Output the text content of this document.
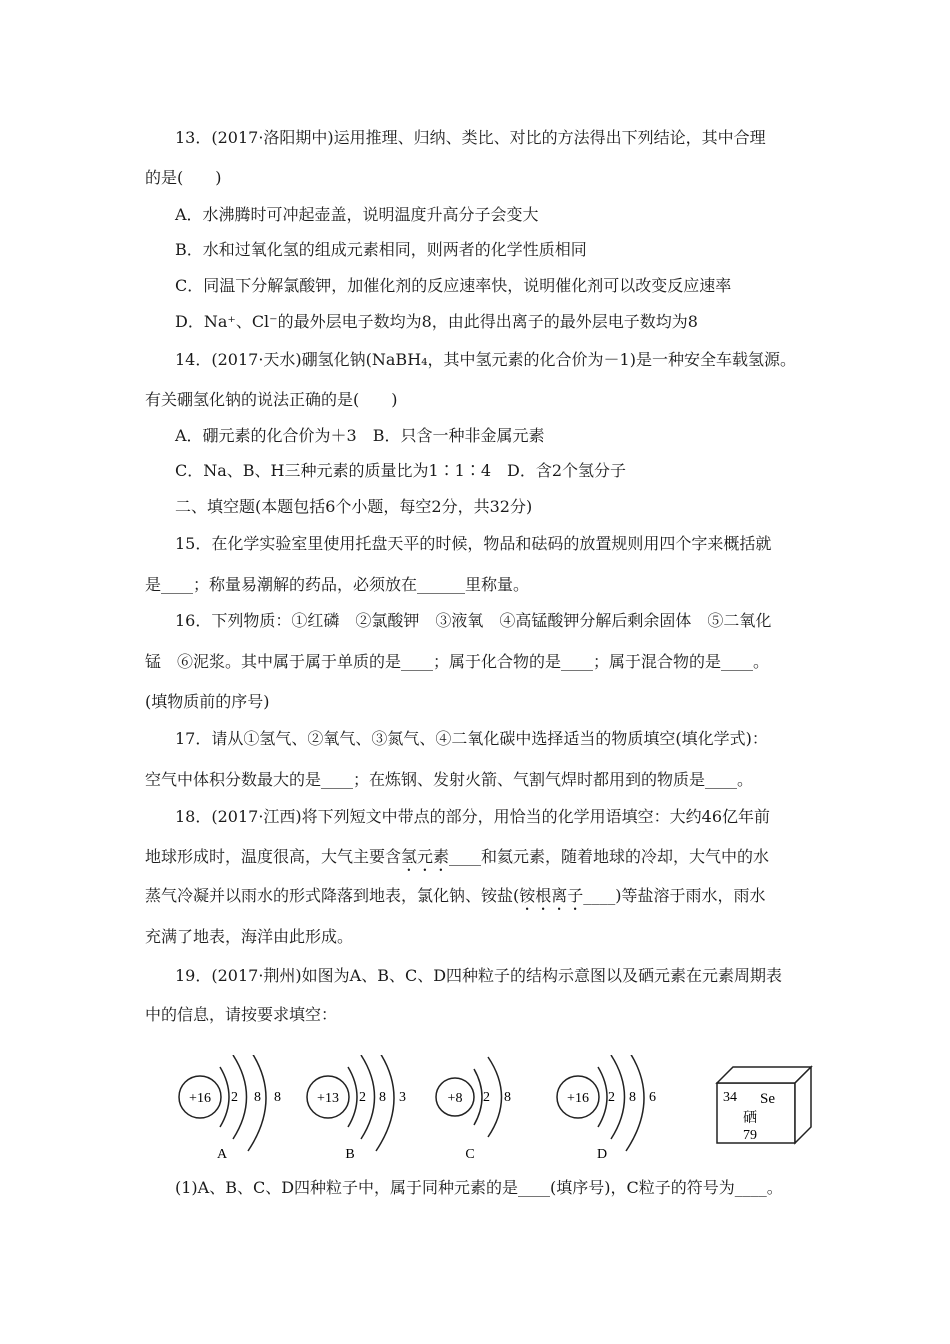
13．(2017·洛阳期中)运用推理、归纳、类比、对比的方法得出下列结论，其中合理
的是(　　)
A．水沸腾时可冲起壶盖，说明温度升高分子会变大
B．水和过氧化氢的组成元素相同，则两者的化学性质相同
C．同温下分解氯酸钾，加催化剂的反应速率快，说明催化剂可以改变反应速率
D．Na⁺、Cl⁻的最外层电子数均为8，由此得出离子的最外层电子数均为8
14．(2017·天水)硼氢化钠(NaBH₄，其中氢元素的化合价为－1)是一种安全车载氢源。
有关硼氢化钠的说法正确的是(　　)
A．硼元素的化合价为＋3　B．只含一种非金属元素
C．Na、B、H三种元素的质量比为1∶1∶4　D．含2个氢分子
二、填空题(本题包括6个小题，每空2分，共32分)
15．在化学实验室里使用托盘天平的时候，物品和砝码的放置规则用四个字来概括就
是____；称量易潮解的药品，必须放在______里称量。
16．下列物质：①红磷　②氯酸钾　③液氧　④高锰酸钾分解后剩余固体　⑤二氧化
锰　⑥泥浆。其中属于属于单质的是____；属于化合物的是____；属于混合物的是____。
(填物质前的序号)
17．请从①氢气、②氧气、③氮气、④二氧化碳中选择适当的物质填空(填化学式)：
空气中体积分数最大的是____；在炼钢、发射火箭、气割气焊时都用到的物质是____。
18．(2017·江西)将下列短文中带点的部分，用恰当的化学用语填空：大约46亿年前
地球形成时，温度很高，大气主要含氢元素____和氦元素，随着地球的冷却，大气中的水
蒸气冷凝并以雨水的形式降落到地表，氯化钠、铵盐(铵根离子____)等盐溶于雨水，雨水
充满了地表，海洋由此形成。
19．(2017·荆州)如图为A、B、C、D四种粒子的结构示意图以及硒元素在元素周期表
中的信息，请按要求填空：
+16 2 8 8
A
+13 2 8 3
B
+8 2 8
C
+16 2 8 6
D
34 Se
硒
79
(1)A、B、C、D四种粒子中，属于同种元素的是____(填序号)，C粒子的符号为____。
